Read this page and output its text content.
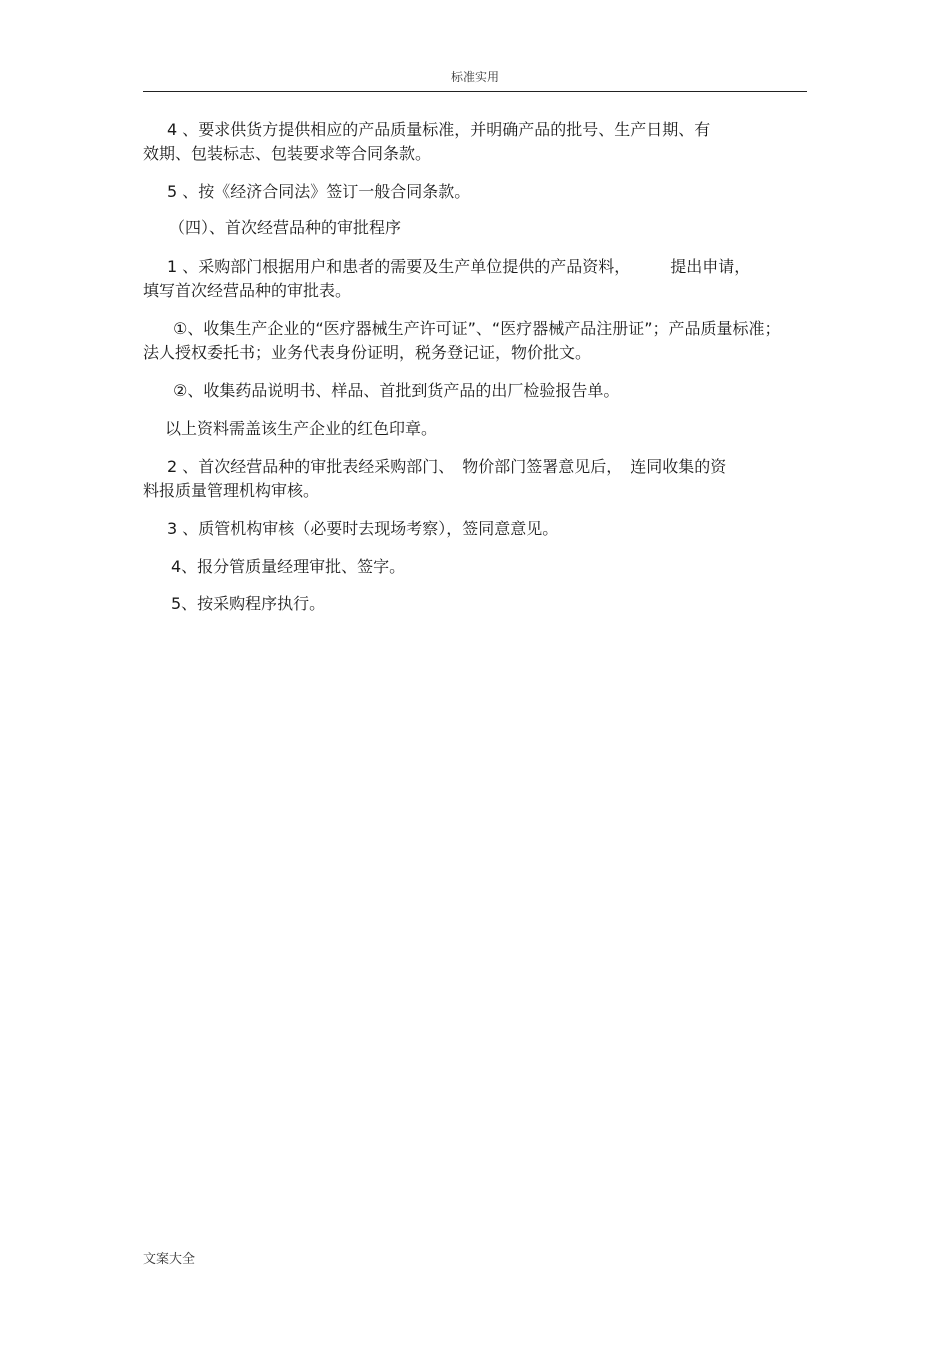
标准实用
4 、要求供货方提供相应的产品质量标准，并明确产品的批号、生产日期、有
效期、包装标志、包装要求等合同条款。
5 、按《经济合同法》签订一般合同条款。
（四）、首次经营品种的审批程序
1 、采购部门根据用户和患者的需要及生产单位提供的产品资料，　　　提出申请，
填写首次经营品种的审批表。
①、收集生产企业的“医疗器械生产许可证”、“医疗器械产品注册证”；产品质量标准；
法人授权委托书；业务代表身份证明，税务登记证，物价批文。
②、收集药品说明书、样品、首批到货产品的出厂检验报告单。
以上资料需盖该生产企业的红色印章。
2 、首次经营品种的审批表经采购部门、　物价部门签署意见后，　连同收集的资
料报质量管理机构审核。
3 、质管机构审核（必要时去现场考察），签同意意见。
4、报分管质量经理审批、签字。
5、按采购程序执行。
文案大全
